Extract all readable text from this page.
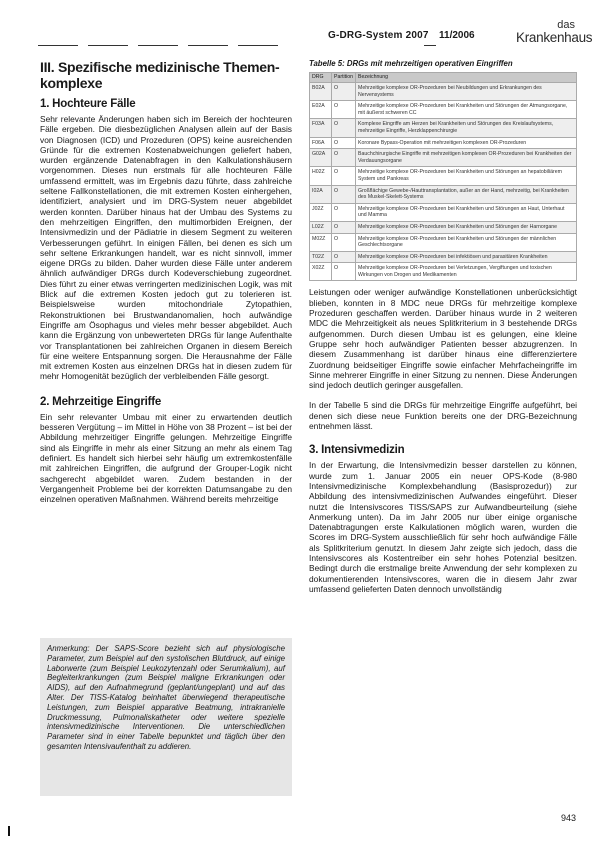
G-DRG-System 2007 11/2006
das
Krankenhaus
III. Spezifische medizinische Themen-komplexe
1. Hochteure Fälle

Sehr relevante Änderungen haben sich im Bereich der hochteuren Fälle ergeben. Die diesbezüglichen Analysen allein auf der Basis von Diagnosen (ICD) und Prozeduren (OPS) keine ausreichenden Gründe für die extremen Kostenabweichungen geliefert haben, wurden ergänzende Datenabfragen in den Kalkulationshäusern vorgenommen. Dieses nun erstmals für alle hochteuren Fälle umfassend ermittelt, was im Ergebnis dazu führte, dass zahlreiche seltene Fallkonstellationen, die mit extremen Kosten einhergehen, identifiziert, analysiert und im DRG-System neuer abgebildet werden konnten. Darüber hinaus hat der Umbau des Systems zu den mehrzeitigen Eingriffen, den multimorbiden Ereignen, der Intensivmedizin und der Pädiatrie in diesem Segment zu weiteren Verbesserungen geführt. In einigen Fällen, bei denen es sich um sehr seltene Erkrankungen handelt, war es nicht sinnvoll, immer eigene DRGs zu bilden. Daher wurden diese Fälle unter anderem ähnlich aufwändiger DRGs durch Kodeverschiebung zugeordnet. Dies führt zu einer etwas verringerten medizinischen Logik, was mit Blick auf die extremen Kosten jedoch gut zu tolerieren ist. Beispielsweise wurden mitochondriale Zytopathien, Rekonstruktionen bei Brustwandanomalien, hoch aufwändige Eingriffe am Ösophagus und vieles mehr besser abgebildet. Auch kann die Ergänzung von unbewerteten DRGs für lange Aufenthalte vor Transplantationen bei zahlreichen Organen in diesem Bereich für eine weitere Entspannung sorgen. Die Herausnahme der Fälle mit extremen Kosten aus einzelnen DRGs hat in diesen zudem für mehr Homogenität bezüglich der verbleibenden Fälle gesorgt.

2. Mehrzeitige Eingriffe

Ein sehr relevanter Umbau mit einer zu erwartenden deutlich besseren Vergütung – im Mittel in Höhe von 38 Prozent – ist bei der Abbildung mehrzeitiger Eingriffe gelungen. Mehrzeitige Eingriffe sind als Eingriffe in mehr als einer Sitzung an mehr als einem Tag definiert. Es handelt sich hierbei sehr häufig um extremkostenfälle mit zahlreichen Eingriffen, die aufgrund der Grouper-Logik nicht sachgerecht abgebildet waren. Zudem bestanden in der Vergangenheit Probleme bei der korrekten Datumsangabe zu den einzelnen operativen Maßnahmen. Während bereits mehrzeitige

Anmerkung: Der SAPS-Score bezieht sich auf physiologische Parameter, zum Beispiel auf den systolischen Blutdruck, auf einige Laborwerte (zum Beispiel Leukozytenzahl oder Serumkalium), auf Begleiterkrankungen (zum Beispiel maligne Erkrankungen oder AIDS), auf den Aufnahmegrund (geplant/ungeplant) und auf das Alter. Der TISS-Katalog beinhaltet überwiegend therapeutische Leistungen, zum Beispiel apparative Beatmung, intrakranielle Druckmessung, Pulmonaliskatheter oder weitere spezielle intensivmedizinische Interventionen. Die unterschiedlichen Parameter sind in einer Tabelle bepunktet und täglich über den gesamten Intensivaufenthalt zu addieren.

Tabelle 5: DRGs mit mehrzeitigen operativen Eingriffen
DRG	Partition	Bezeichnung
B02A	O	Mehrzeitige komplexe OR-Prozeduren bei Neubildungen und Erkrankungen des Nervensystems
E02A	O	Mehrzeitige komplexe OR-Prozeduren bei Krankheiten und Störungen der Atmungsorgane, mit äußerst schweren CC
F03A	O	Komplexe Eingriffe am Herzen bei Krankheiten und Störungen des Kreislaufsystems, mehrzeitige Eingriffe, Herzklappenchirurgie
F06A	O	Koronare Bypass-Operation mit mehrzeitigen komplexen OR-Prozeduren
G02A	O	Bauchchirurgische Eingriffe mit mehrzeitigen komplexen OR-Prozeduren bei Krankheiten der Verdauungsorgane
H02Z	O	Mehrzeitige komplexe OR-Prozeduren bei Krankheiten und Störungen an hepatobiliärem System und Pankreas
I02A	O	Großflächige Gewebe-/Hauttransplantation, außer an der Hand, mehrzeitig, bei Krankheiten des Muskel-Skelett-Systems
J02Z	O	Mehrzeitige komplexe OR-Prozeduren bei Krankheiten und Störungen an Haut, Unterhaut und Mamma
L02Z	O	Mehrzeitige komplexe OR-Prozeduren bei Krankheiten und Störungen der Harnorgane
M02Z	O	Mehrzeitige komplexe OR-Prozeduren bei Krankheiten und Störungen der männlichen Geschlechtsorgane
T02Z	O	Mehrzeitige komplexe OR-Prozeduren bei infektiösen und parasitären Krankheiten
X02Z	O	Mehrzeitige komplexe OR-Prozeduren bei Verletzungen, Vergiftungen und toxischen Wirkungen von Drogen und Medikamenten

Leistungen oder weniger aufwändige Konstellationen unberücksichtigt blieben, konnten in 8 MDC neue DRGs für mehrzeitige komplexe Prozeduren geschaffen werden. Darüber hinaus wurde in 2 weiteren MDC die Mehrzeitigkeit als neues Splitkriterium in 3 bestehende DRGs aufgenommen. Durch diesen Umbau ist es gelungen, eine kleine Gruppe sehr hoch aufwändiger Patienten besser abzugrenzen. In diesem Zusammenhang ist darüber hinaus eine differenziertere Zuordnung beidseitiger Eingriffe sowie einfacher Mehrfacheingriffe im Sinne mehrerer Eingriffe in einer Sitzung zu nennen. Diese Änderungen sind jedoch deutlich geringer ausgefallen.

In der Tabelle 5 sind die DRGs für mehrzeitige Eingriffe aufgeführt, bei denen sich diese neue Funktion bereits one der DRG-Bezeichnung entnehmen lässt.

3. Intensivmedizin

In der Erwartung, die Intensivmedizin besser darstellen zu können, wurde zum 1. Januar 2005 ein neuer OPS-Kode (8-980 Intensivmedizinische Komplexbehandlung (Basisprozedur)) zur Abbildung des intensivmedizinischen Aufwandes eingeführt. Dieser nutzt die Intensivscores TISS/SAPS zur Aufwandbeurteilung (siehe Anmerkung unten). Da im Jahr 2005 nur über einige organische Datenabtragungen erste Kalkulationen möglich waren, wurden die Scores im DRG-System ausschließlich für sehr hoch aufwändige Fälle als Splitkriterium genutzt. In diesem Jahr zeigte sich jedoch, dass die Intensivscores als Kostentreiber ein sehr hohes Potenzial besitzen. Bedingt durch die erstmalige breite Anwendung der sehr komplexen zu dokumentierenden Intensivscores, waren die in diesem Jahr zwar umfassend gelieferten Daten dennoch unvollständig

943
